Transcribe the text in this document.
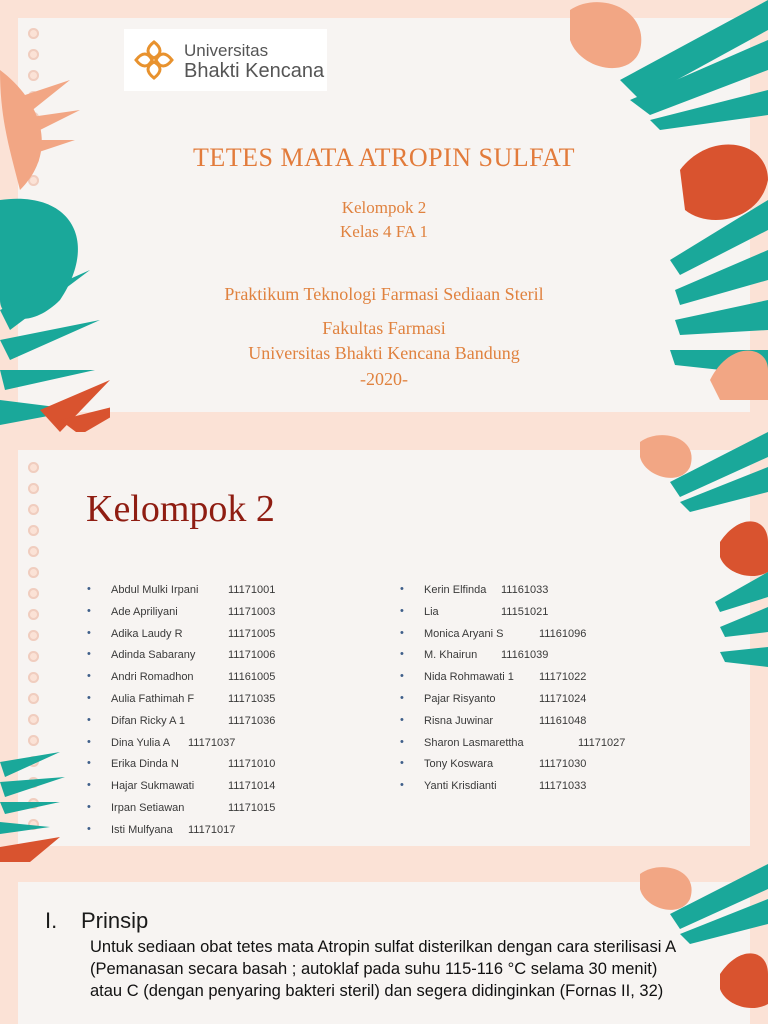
Universitas
Bhakti Kencana
TETES MATA ATROPIN SULFAT
Kelompok 2
Kelas 4 FA 1
Praktikum Teknologi Farmasi Sediaan Steril
Fakultas Farmasi
Universitas Bhakti Kencana Bandung
-2020-
Kelompok 2
• Abdul Mulki Irpani	11171001
• Ade Apriliyani	11171003
• Adika Laudy R	11171005
• Adinda Sabarany	11171006
• Andri Romadhon	11161005
• Aulia Fathimah F	11171035
• Difan Ricky A 1	11171036
• Dina Yulia A 11171037
• Erika Dinda N	11171010
• Hajar Sukmawati	11171014
• Irpan Setiawan	11171015
• Isti Mulfyana 11171017
• Kerin Elfinda 11161033
• Lia	11151021
• Monica Aryani S	11161096
• M. Khairun 11161039
• Nida Rohmawati 1 11171022
• Pajar Risyanto	11171024
• Risna Juwinar	11161048
• Sharon Lasmarettha	11171027
• Tony Koswara	11171030
• Yanti Krisdianti	11171033
I. Prinsip
Untuk sediaan obat tetes mata Atropin sulfat disterilkan dengan cara sterilisasi A (Pemanasan secara basah ; autoklaf pada suhu 115-116 °C selama 30 menit) atau C (dengan penyaring bakteri steril) dan segera didinginkan (Fornas II, 32)
